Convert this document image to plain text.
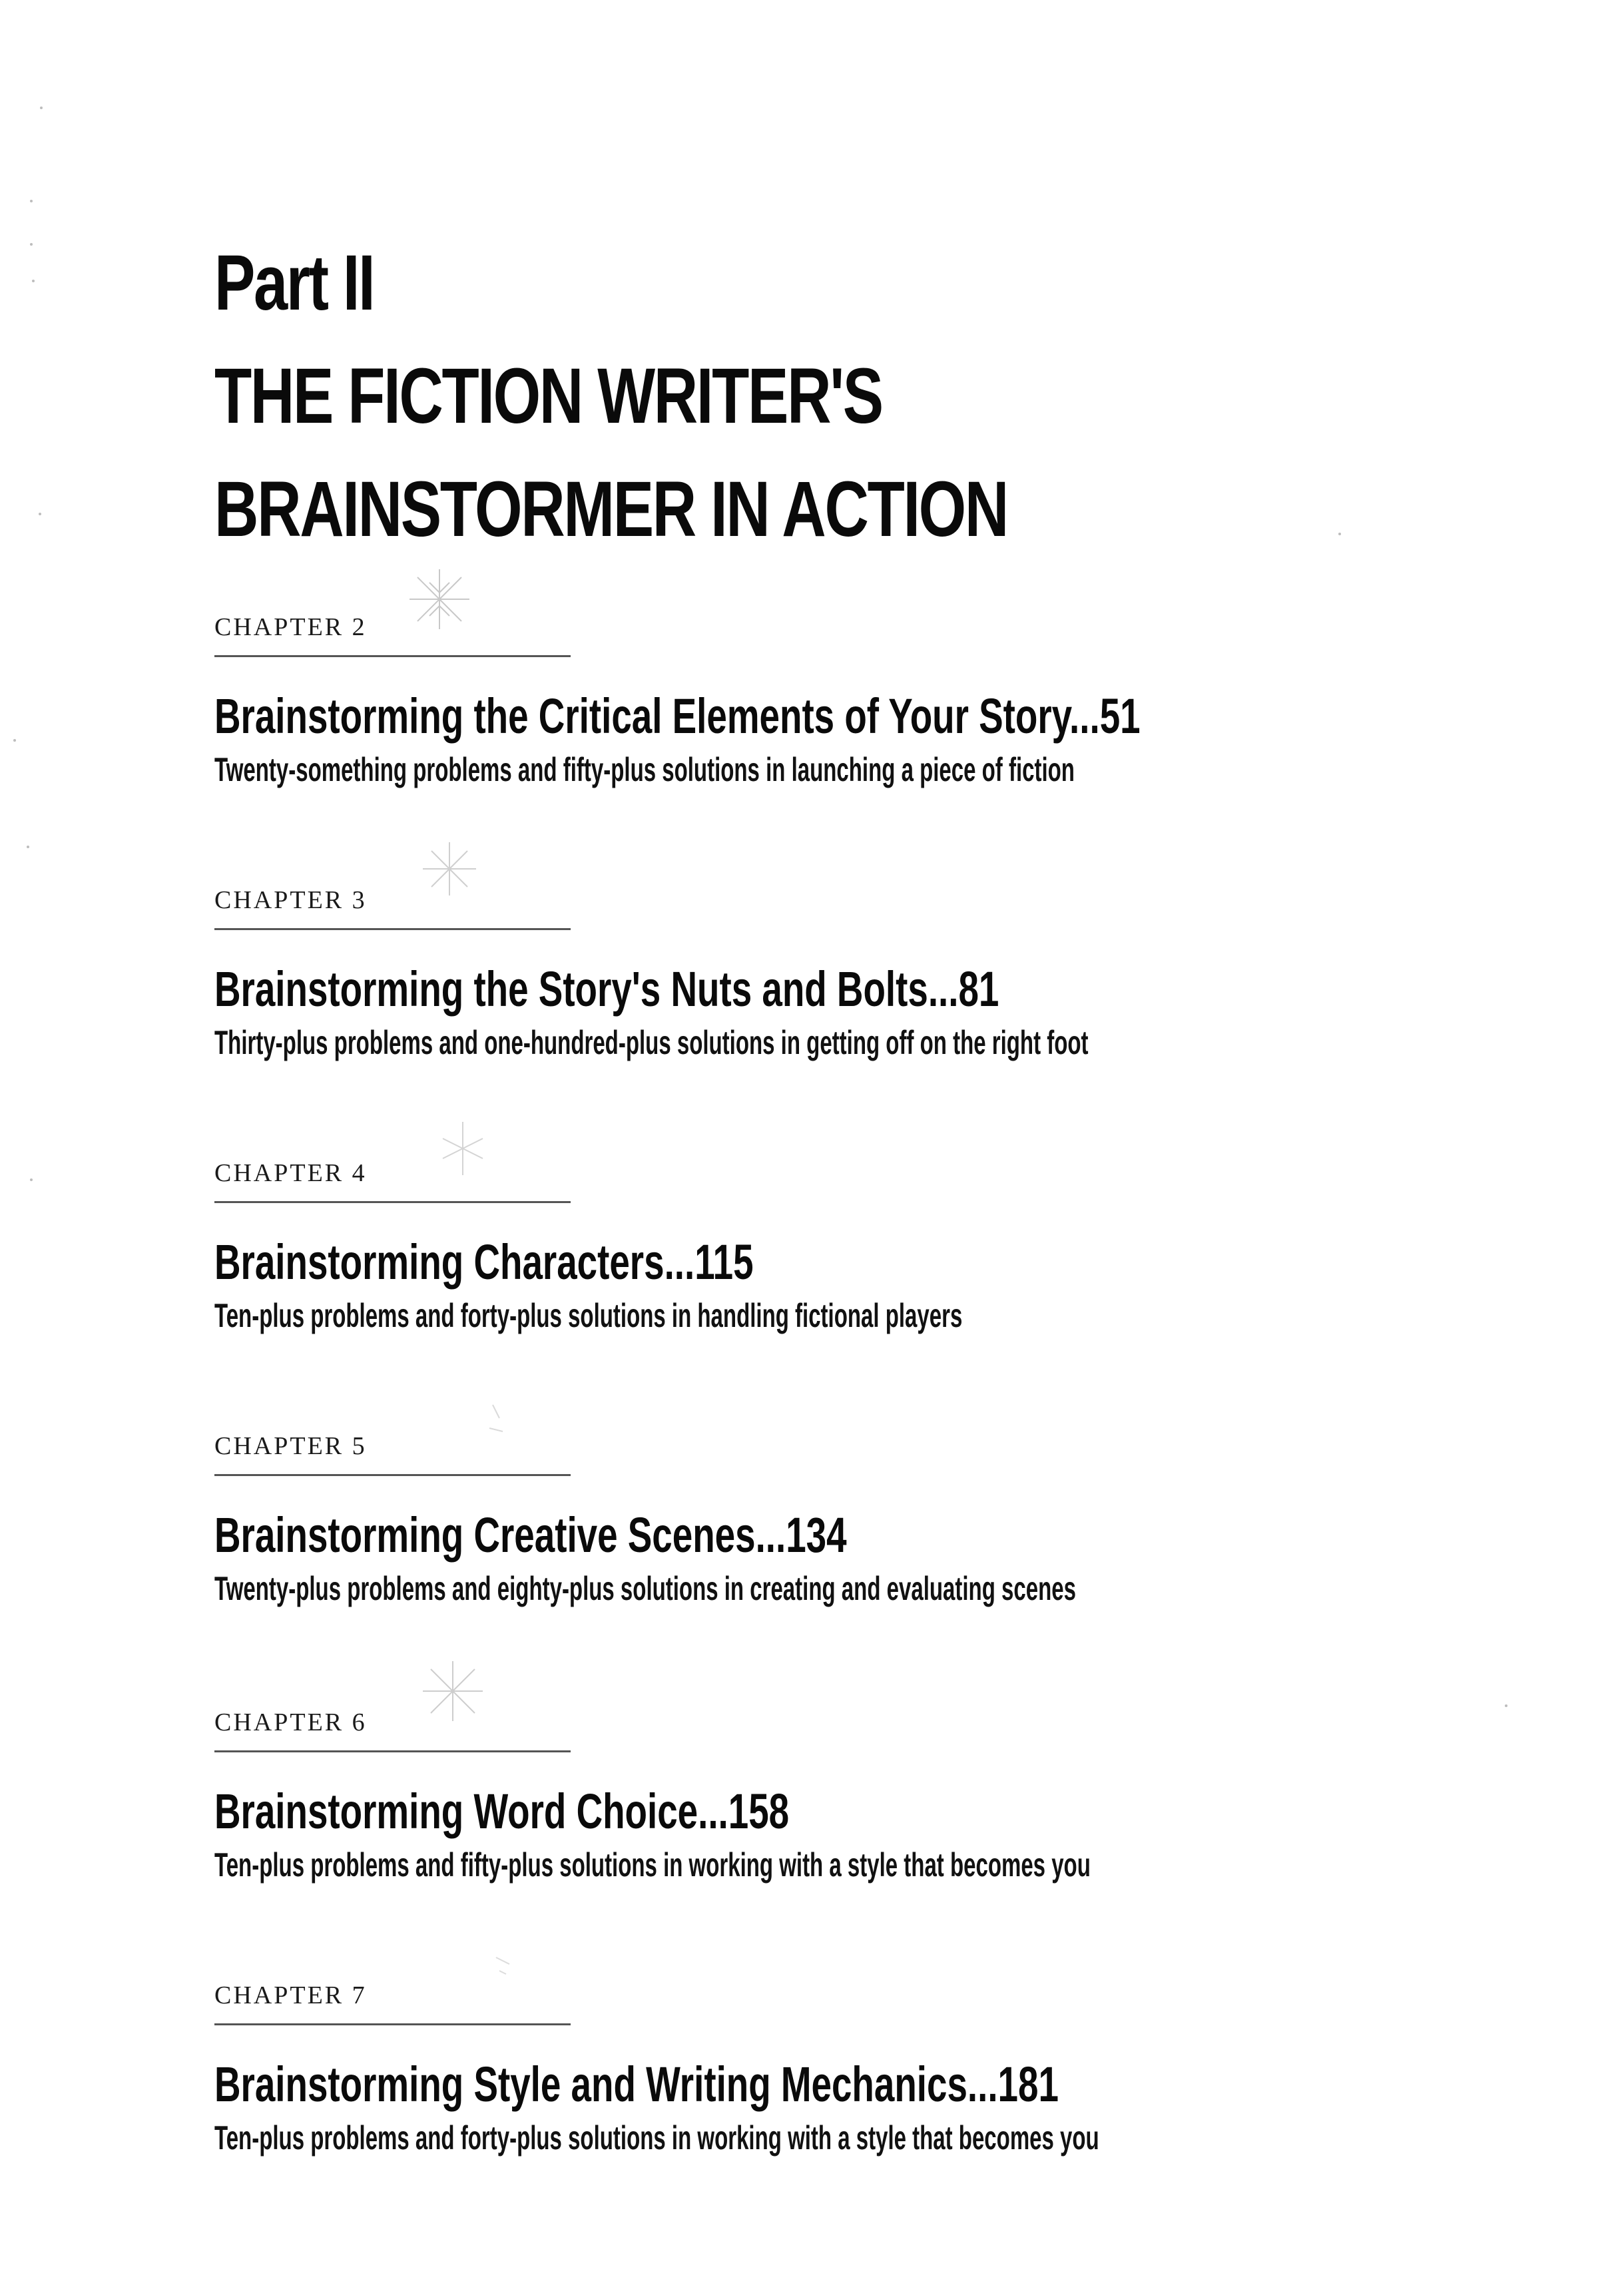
Part II
THE FICTION WRITER'S
BRAINSTORMER IN ACTION
CHAPTER 2
Brainstorming the Critical Elements of Your Story...51
Twenty-something problems and fifty-plus solutions in launching a piece of fiction
CHAPTER 3
Brainstorming the Story's Nuts and Bolts...81
Thirty-plus problems and one-hundred-plus solutions in getting off on the right foot
CHAPTER 4
Brainstorming Characters...115
Ten-plus problems and forty-plus solutions in handling fictional players
CHAPTER 5
Brainstorming Creative Scenes...134
Twenty-plus problems and eighty-plus solutions in creating and evaluating scenes
CHAPTER 6
Brainstorming Word Choice...158
Ten-plus problems and fifty-plus solutions in working with a style that becomes you
CHAPTER 7
Brainstorming Style and Writing Mechanics...181
Ten-plus problems and forty-plus solutions in working with a style that becomes you
